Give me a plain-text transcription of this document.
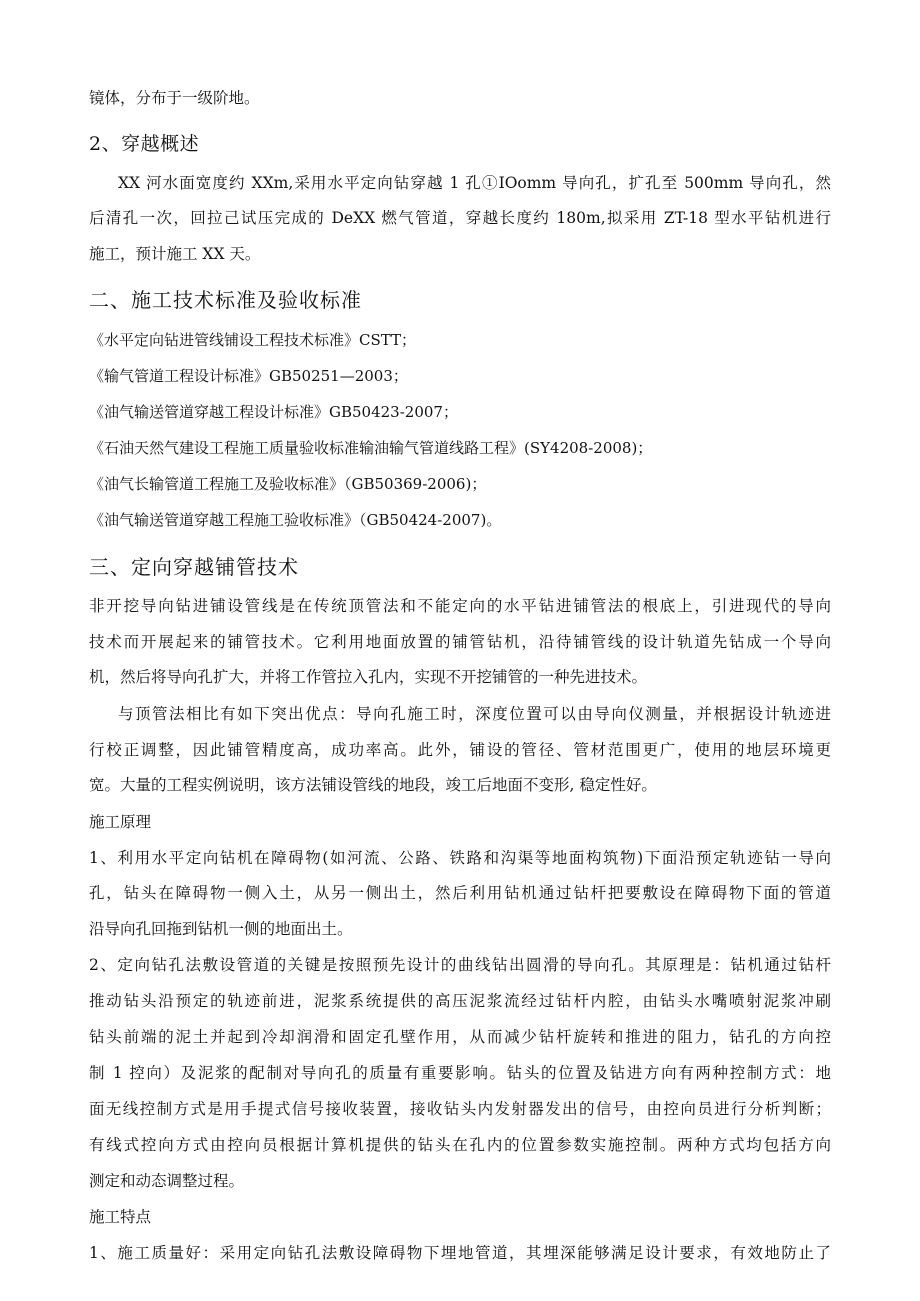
镜体，分布于一级阶地。
2、穿越概述
XX 河水面宽度约 XXm,采用水平定向钻穿越 1 孔①IOomm 导向孔，扩孔至 500mm 导向孔，然
后清孔一次，回拉己试压完成的 DeXX 燃气管道，穿越长度约 180m,拟采用 ZT-18 型水平钻机进行
施工，预计施工 XX 天。
二、施工技术标准及验收标准
《水平定向钻进管线铺设工程技术标准》CSTT；
《输气管道工程设计标准》GB50251—2003；
《油气输送管道穿越工程设计标准》GB50423-2007；
《石油天然气建设工程施工质量验收标准输油输气管道线路工程》(SY4208-2008)；
《油气长输管道工程施工及验收标准》（GB50369-2006)；
《油气输送管道穿越工程施工验收标准》（GB50424-2007)。
三、定向穿越铺管技术
非开挖导向钻进铺设管线是在传统顶管法和不能定向的水平钻进铺管法的根底上，引进现代的导向
技术而开展起来的铺管技术。它利用地面放置的铺管钻机，沿待铺管线的设计轨道先钻成一个导向
机，然后将导向孔扩大，并将工作管拉入孔内，实现不开挖铺管的一种先进技术。
与顶管法相比有如下突出优点：导向孔施工时，深度位置可以由导向仪测量，并根据设计轨迹进
行校正调整，因此铺管精度高，成功率高。此外，铺设的管径、管材范围更广，使用的地层环境更
宽。大量的工程实例说明，该方法铺设管线的地段，竣工后地面不变形, 稳定性好。
施工原理
1、利用水平定向钻机在障碍物(如河流、公路、铁路和沟渠等地面构筑物)下面沿预定轨迹钻一导向
孔，钻头在障碍物一侧入土，从另一侧出土，然后利用钻机通过钻杆把要敷设在障碍物下面的管道
沿导向孔回拖到钻机一侧的地面出土。
2、定向钻孔法敷设管道的关键是按照预先设计的曲线钻出圆滑的导向孔。其原理是：钻机通过钻杆
推动钻头沿预定的轨迹前进，泥浆系统提供的高压泥浆流经过钻杆内腔，由钻头水嘴喷射泥浆冲刷
钻头前端的泥土并起到冷却润滑和固定孔壁作用，从而减少钻杆旋转和推进的阻力，钻孔的方向控
制 1 控向）及泥浆的配制对导向孔的质量有重要影响。钻头的位置及钻进方向有两种控制方式：地
面无线控制方式是用手提式信号接收装置，接收钻头内发射器发出的信号，由控向员进行分析判断；
有线式控向方式由控向员根据计算机提供的钻头在孔内的位置参数实施控制。两种方式均包括方向
测定和动态调整过程。
施工特点
1、施工质量好：采用定向钻孔法敷设障碍物下埋地管道，其埋深能够满足设计要求，有效地防止了
